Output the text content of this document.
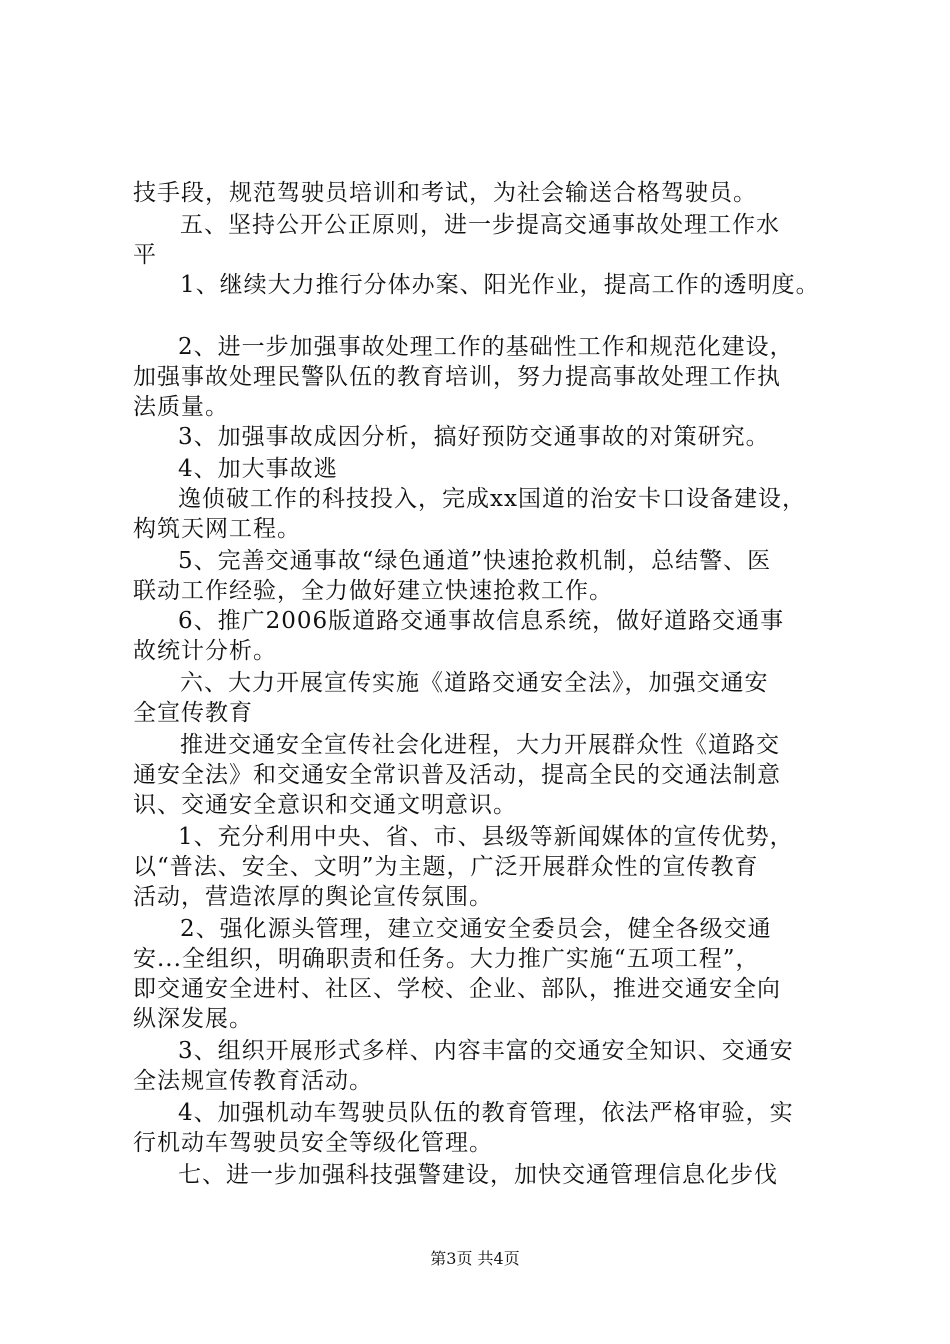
技手段，规范驾驶员培训和考试，为社会输送合格驾驶员。
五、坚持公开公正原则，进一步提高交通事故处理工作水
平
1、继续大力推行分体办案、阳光作业，提高工作的透明度。
2、进一步加强事故处理工作的基础性工作和规范化建设，
加强事故处理民警队伍的教育培训，努力提高事故处理工作执
法质量。
3、加强事故成因分析，搞好预防交通事故的对策研究。
4、加大事故逃
逸侦破工作的科技投入，完成xx国道的治安卡口设备建设，
构筑天网工程。
5、完善交通事故“绿色通道”快速抢救机制，总结警、医
联动工作经验，全力做好建立快速抢救工作。
6、推广2006版道路交通事故信息系统，做好道路交通事
故统计分析。
六、大力开展宣传实施《道路交通安全法》，加强交通安
全宣传教育
推进交通安全宣传社会化进程，大力开展群众性《道路交
通安全法》和交通安全常识普及活动，提高全民的交通法制意
识、交通安全意识和交通文明意识。
1、充分利用中央、省、市、县级等新闻媒体的宣传优势，
以“普法、安全、文明”为主题，广泛开展群众性的宣传教育
活动，营造浓厚的舆论宣传氛围。
2、强化源头管理，建立交通安全委员会，健全各级交通
安...全组织，明确职责和任务。大力推广实施“五项工程”，
即交通安全进村、社区、学校、企业、部队，推进交通安全向
纵深发展。
3、组织开展形式多样、内容丰富的交通安全知识、交通安
全法规宣传教育活动。
4、加强机动车驾驶员队伍的教育管理，依法严格审验，实
行机动车驾驶员安全等级化管理。
七、进一步加强科技强警建设，加快交通管理信息化步伐
第3页 共4页
